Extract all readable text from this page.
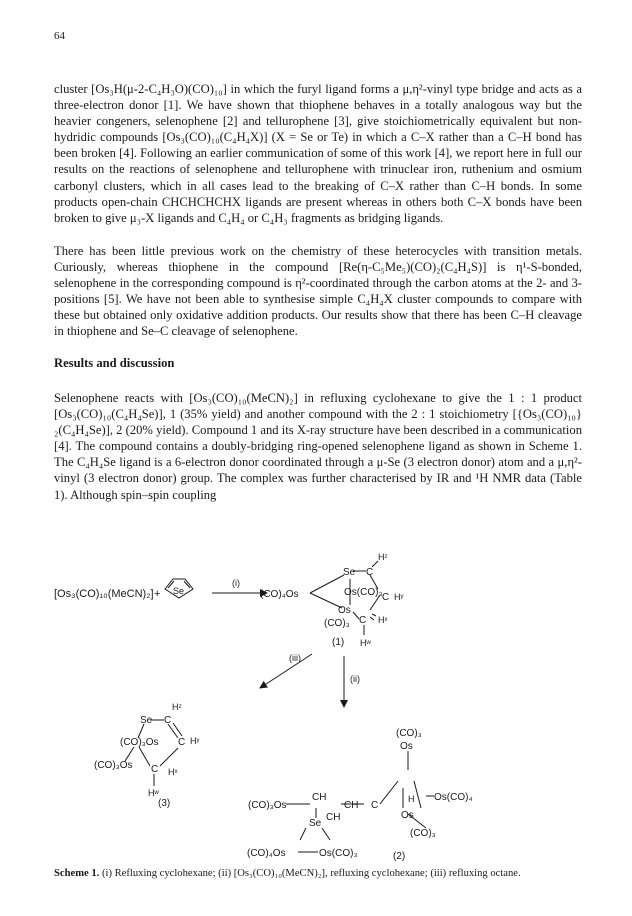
64

cluster [Os₃H(μ-2-C₄H₃O)(CO)₁₀] in which the furyl ligand forms a μ,η²-vinyl type bridge and acts as a three-electron donor [1]. We have shown that thiophene behaves in a totally analogous way but the heavier congeners, selenophene [2] and tellurophene [3], give stoichiometrically equivalent but non-hydridic compounds [Os₃(CO)₁₀(C₄H₄X)] (X = Se or Te) in which a C–X rather than a C–H bond has been broken [4]. Following an earlier communication of some of this work [4], we report here in full our results on the reactions of selenophene and tellurophene with trinuclear iron, ruthenium and osmium carbonyl clusters, which in all cases lead to the breaking of C–X rather than C–H bonds. In some products open-chain CHCHCHCHX ligands are present whereas in others both C–X bonds have been broken to give μ₃-X ligands and C₄H₄ or C₄H₃ fragments as bridging ligands.

There has been little previous work on the chemistry of these heterocycles with transition metals. Curiously, whereas thiophene in the compound [Re(η-C₅Me₅)(CO)₂(C₄H₄S)] is η¹-S-bonded, selenophene in the corresponding compound is η²-coordinated through the carbon atoms at the 2- and 3-positions [5]. We have not been able to synthesise simple C₄H₄X cluster compounds to compare with these but obtained only oxidative addition products. Our results show that there has been C–H cleavage in thiophene and Se–C cleavage of selenophene.

Results and discussion

Selenophene reacts with [Os₃(CO)₁₀(MeCN)₂] in refluxing cyclohexane to give the 1 : 1 product [Os₃(CO)₁₀(C₄H₄Se)], 1 (35% yield) and another compound with the 2 : 1 stoichiometry [{Os₃(CO)₁₀}₂(C₄H₄Se)], 2 (20% yield). Compound 1 and its X-ray structure have been described in a communication [4]. The compound contains a doubly-bridging ring-opened selenophene ligand as shown in Scheme 1. The C₄H₄Se ligand is a 6-electron donor coordinated through a μ-Se (3 electron donor) atom and a μ,η²-vinyl (3 electron donor) group. The complex was further characterised by IR and ¹H NMR data (Table 1). Although spin–spin coupling

[Os₃(CO)₁₀(MeCN)₂] + Se
(i)
(CO)₄Os
Se C
Hᶻ
Os(CO)₃ C Hʸ
Os
(CO)₃ C Hˣ
Hʷ
(1)
(ii)
(iii)
Se C
Hᶻ
(CO)₃Os C Hʸ
(CO)₃Os C Hˣ
Hʷ
(3)
(CO)₃
Os
(CO)₃Os
CH
CH C
H Os(CO)₄
Os
(CO)₃
Se
CH
(CO)₄Os	Os(CO)₃	(2)

Scheme 1. (i) Refluxing cyclohexane; (ii) [Os₃(CO)₁₀(MeCN)₂], refluxing cyclohexane; (iii) refluxing octane.
